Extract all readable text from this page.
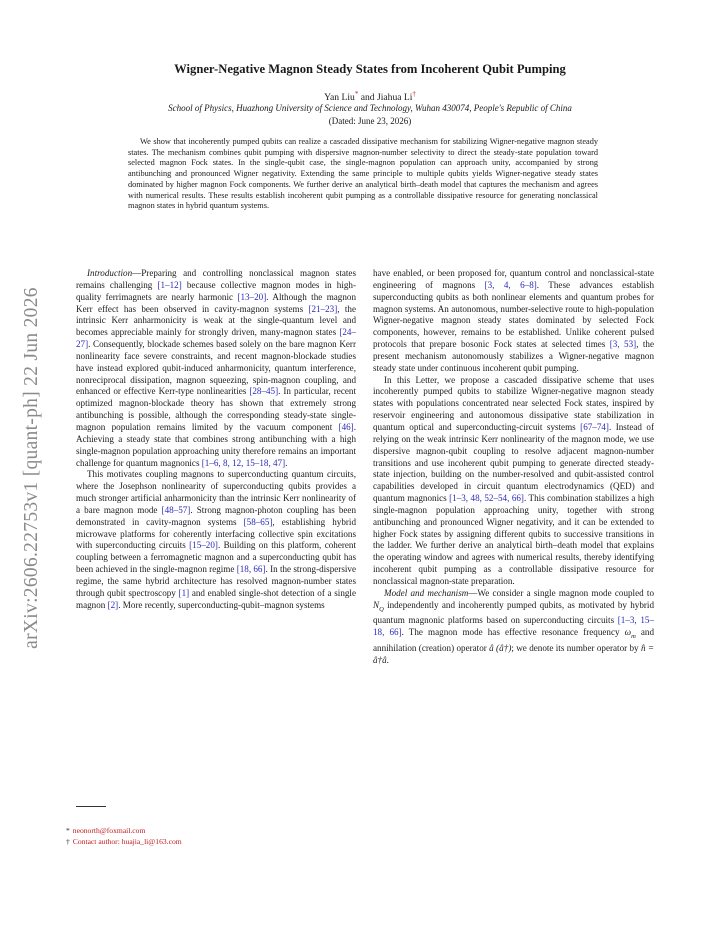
arXiv:2606.22753v1 [quant-ph] 22 Jun 2026
Wigner-Negative Magnon Steady States from Incoherent Qubit Pumping
Yan Liu* and Jiahua Li†
School of Physics, Huazhong University of Science and Technology, Wuhan 430074, People's Republic of China
(Dated: June 23, 2026)

We show that incoherently pumped qubits can realize a cascaded dissipative mechanism for stabilizing Wigner-negative magnon steady states. The mechanism combines qubit pumping with dispersive magnon-number selectivity to direct the steady-state population toward selected magnon Fock states. In the single-qubit case, the single-magnon population can approach unity, accompanied by strong antibunching and pronounced Wigner negativity. Extending the same principle to multiple qubits yields Wigner-negative steady states dominated by higher magnon Fock components. We further derive an analytical birth–death model that captures the mechanism and agrees with numerical results. These results establish incoherent qubit pumping as a controllable dissipative resource for generating nonclassical magnon states in hybrid quantum systems.

Introduction—Preparing and controlling nonclassical magnon states remains challenging [1–12] because collective magnon modes in high-quality ferrimagnets are nearly harmonic [13–20]. Although the magnon Kerr effect has been observed in cavity-magnon systems [21–23], the intrinsic Kerr anharmonicity is weak at the single-quantum level and becomes appreciable mainly for strongly driven, many-magnon states [24–27]. Consequently, blockade schemes based solely on the bare magnon Kerr nonlinearity face severe constraints, and recent magnon-blockade studies have instead explored qubit-induced anharmonicity, quantum interference, nonreciprocal dissipation, magnon squeezing, spin-magnon coupling, and enhanced or effective Kerr-type nonlinearities [28–45]. In particular, recent optimized magnon-blockade theory has shown that extremely strong antibunching is possible, although the corresponding steady-state single-magnon population remains limited by the vacuum component [46]. Achieving a steady state that combines strong antibunching with a high single-magnon population approaching unity therefore remains an important challenge for quantum magnonics [1–6, 8, 12, 15–18, 47].

This motivates coupling magnons to superconducting quantum circuits, where the Josephson nonlinearity of superconducting qubits provides a much stronger artificial anharmonicity than the intrinsic Kerr nonlinearity of a bare magnon mode [48–57]. Strong magnon-photon coupling has been demonstrated in cavity-magnon systems [58–65], establishing hybrid microwave platforms for coherently interfacing collective spin excitations with superconducting circuits [15–20]. Building on this platform, coherent coupling between a ferromagnetic magnon and a superconducting qubit has been achieved in the single-magnon regime [18, 66]. In the strong-dispersive regime, the same hybrid architecture has resolved magnon-number states through qubit spectroscopy [1] and enabled single-shot detection of a single magnon [2]. More recently, superconducting-qubit–magnon systems

have enabled, or been proposed for, quantum control and nonclassical-state engineering of magnons [3, 4, 6–8]. These advances establish superconducting qubits as both nonlinear elements and quantum probes for magnon systems. An autonomous, number-selective route to high-population Wigner-negative magnon steady states dominated by selected Fock components, however, remains to be established. Unlike coherent pulsed protocols that prepare bosonic Fock states at selected times [3, 53], the present mechanism autonomously stabilizes a Wigner-negative magnon steady state under continuous incoherent qubit pumping.

In this Letter, we propose a cascaded dissipative scheme that uses incoherently pumped qubits to stabilize Wigner-negative magnon steady states with populations concentrated near selected Fock states, inspired by reservoir engineering and autonomous dissipative state stabilization in quantum optical and superconducting-circuit systems [67–74]. Instead of relying on the weak intrinsic Kerr nonlinearity of the magnon mode, we use dispersive magnon-qubit coupling to resolve adjacent magnon-number transitions and use incoherent qubit pumping to generate directed steady-state injection, building on the number-resolved and qubit-assisted control capabilities developed in circuit quantum electrodynamics (QED) and quantum magnonics [1–3, 48, 52–54, 66]. This combination stabilizes a high single-magnon population approaching unity, together with strong antibunching and pronounced Wigner negativity, and it can be extended to higher Fock states by assigning different qubits to successive transitions in the ladder. We further derive an analytical birth–death model that explains the operating window and agrees with numerical results, thereby identifying incoherent qubit pumping as a controllable dissipative resource for nonclassical magnon-state preparation.

Model and mechanism—We consider a single magnon mode coupled to $N_Q$ independently and incoherently pumped qubits, as motivated by hybrid quantum magnonic platforms based on superconducting circuits [1–3, 15–18, 66]. The magnon mode has effective resonance frequency $\omega_m$ and annihilation (creation) operator â (â†); we denote its number operator by n̂ = â†â.

* neonorth@foxmail.com
† Contact author: huajia_li@163.com
